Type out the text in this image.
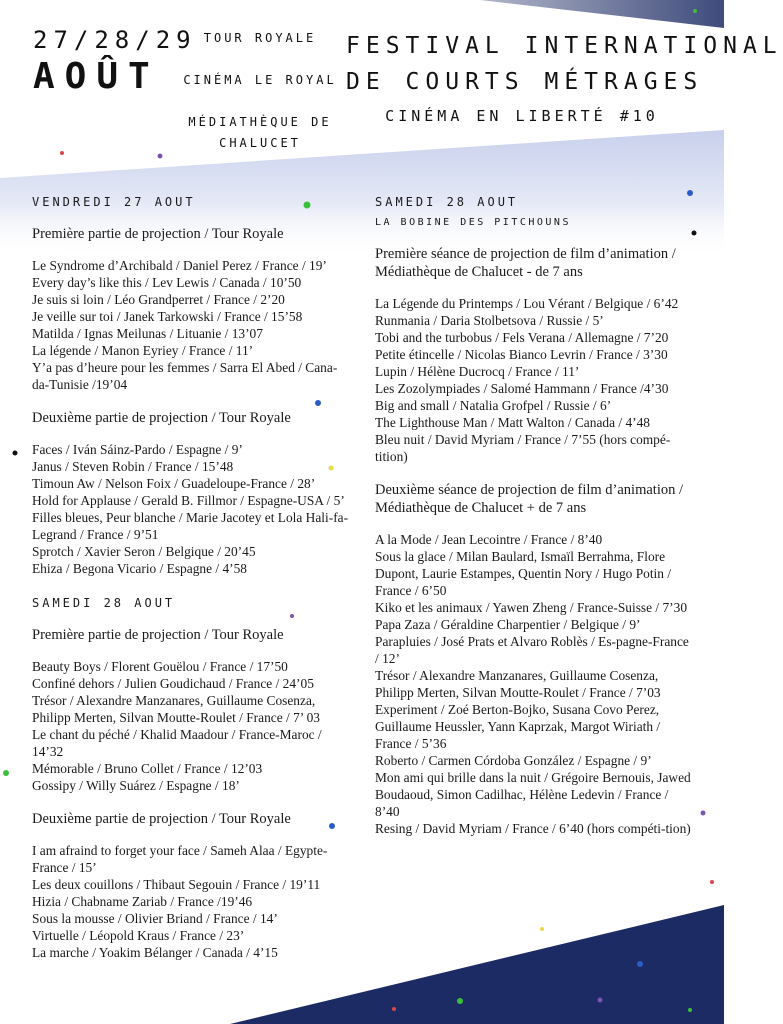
27/28/29
AOÛT
TOUR ROYALE
CINÉMA LE ROYAL
MÉDIATHÈQUE DE
CHALUCET
FESTIVAL INTERNATIONAL
DE COURTS MÉTRAGES
CINÉMA EN LIBERTÉ #10
VENDREDI 27 AOUT
Première partie de projection / Tour Royale
Le Syndrome d’Archibald / Daniel Perez / France / 19’
Every day’s like this / Lev Lewis / Canada / 10’50
Je suis si loin / Léo Grandperret / France / 2’20
Je veille sur toi / Janek Tarkowski / France / 15’58
Matilda / Ignas Meilunas / Lituanie / 13’07
La légende / Manon Eyriey / France / 11’
Y’a pas d’heure pour les femmes / Sarra El Abed / Cana-da-Tunisie /19’04
Deuxième partie de projection / Tour Royale
Faces / Iván Sáinz-Pardo / Espagne / 9’
Janus / Steven Robin / France / 15’48
Timoun Aw / Nelson Foix / Guadeloupe-France / 28’
Hold for Applause / Gerald B. Fillmor / Espagne-USA / 5’
Filles bleues, Peur blanche / Marie Jacotey et Lola Hali-fa-Legrand / France / 9’51
Sprotch / Xavier Seron / Belgique / 20’45
Ehiza / Begona Vicario / Espagne / 4’58
SAMEDI 28 AOUT
Première partie de projection / Tour Royale
Beauty Boys / Florent Gouëlou / France / 17’50
Confiné dehors / Julien Goudichaud / France / 24’05
Trésor / Alexandre Manzanares, Guillaume Cosenza, Philipp Merten, Silvan Moutte-Roulet / France / 7’ 03
Le chant du péché / Khalid Maadour / France-Maroc / 14’32
Mémorable / Bruno Collet / France / 12’03
Gossipy / Willy Suárez / Espagne / 18’
Deuxième partie de projection / Tour Royale
I am afraind to forget your face / Sameh Alaa / Egypte-France / 15’
Les deux couillons / Thibaut Segouin / France / 19’11
Hizia / Chabname Zariab / France /19’46
Sous la mousse / Olivier Briand / France / 14’
Virtuelle / Léopold Kraus / France / 23’
La marche / Yoakim Bélanger / Canada / 4’15
SAMEDI 28 AOUT
LA BOBINE DES PITCHOUNS
Première séance de projection de film d’animation / Médiathèque de Chalucet - de 7 ans
La Légende du Printemps / Lou Vérant / Belgique / 6’42
Runmania / Daria Stolbetsova / Russie / 5’
Tobi and the turbobus / Fels Verana / Allemagne / 7’20
Petite étincelle / Nicolas Bianco Levrin / France / 3’30
Lupin / Hélène Ducrocq / France / 11’
Les Zozolympiades / Salomé Hammann / France /4’30
Big and small / Natalia Grofpel / Russie / 6’
The Lighthouse Man / Matt Walton / Canada / 4’48
Bleu nuit / David Myriam / France / 7’55 (hors compé-tition)
Deuxième séance de projection de film d’animation / Médiathèque de Chalucet + de 7 ans
A la Mode / Jean Lecointre / France / 8’40
Sous la glace / Milan Baulard, Ismaïl Berrahma, Flore Dupont, Laurie Estampes, Quentin Nory / Hugo Potin / France / 6’50
Kiko et les animaux / Yawen Zheng / France-Suisse / 7’30
Papa Zaza / Géraldine Charpentier / Belgique / 9’
Parapluies / José Prats et Alvaro Roblès / Es-pagne-France / 12’
Trésor / Alexandre Manzanares, Guillaume Cosenza, Philipp Merten, Silvan Moutte-Roulet / France / 7’03
Experiment / Zoé Berton-Bojko, Susana Covo Perez, Guillaume Heussler, Yann Kaprzak, Margot Wiriath / France / 5’36
Roberto / Carmen Córdoba González / Espagne / 9’
Mon ami qui brille dans la nuit / Grégoire Bernouis, Jawed Boudaoud, Simon Cadilhac, Hélène Ledevin / France / 8’40
Resing / David Myriam / France / 6’40 (hors compéti-tion)
